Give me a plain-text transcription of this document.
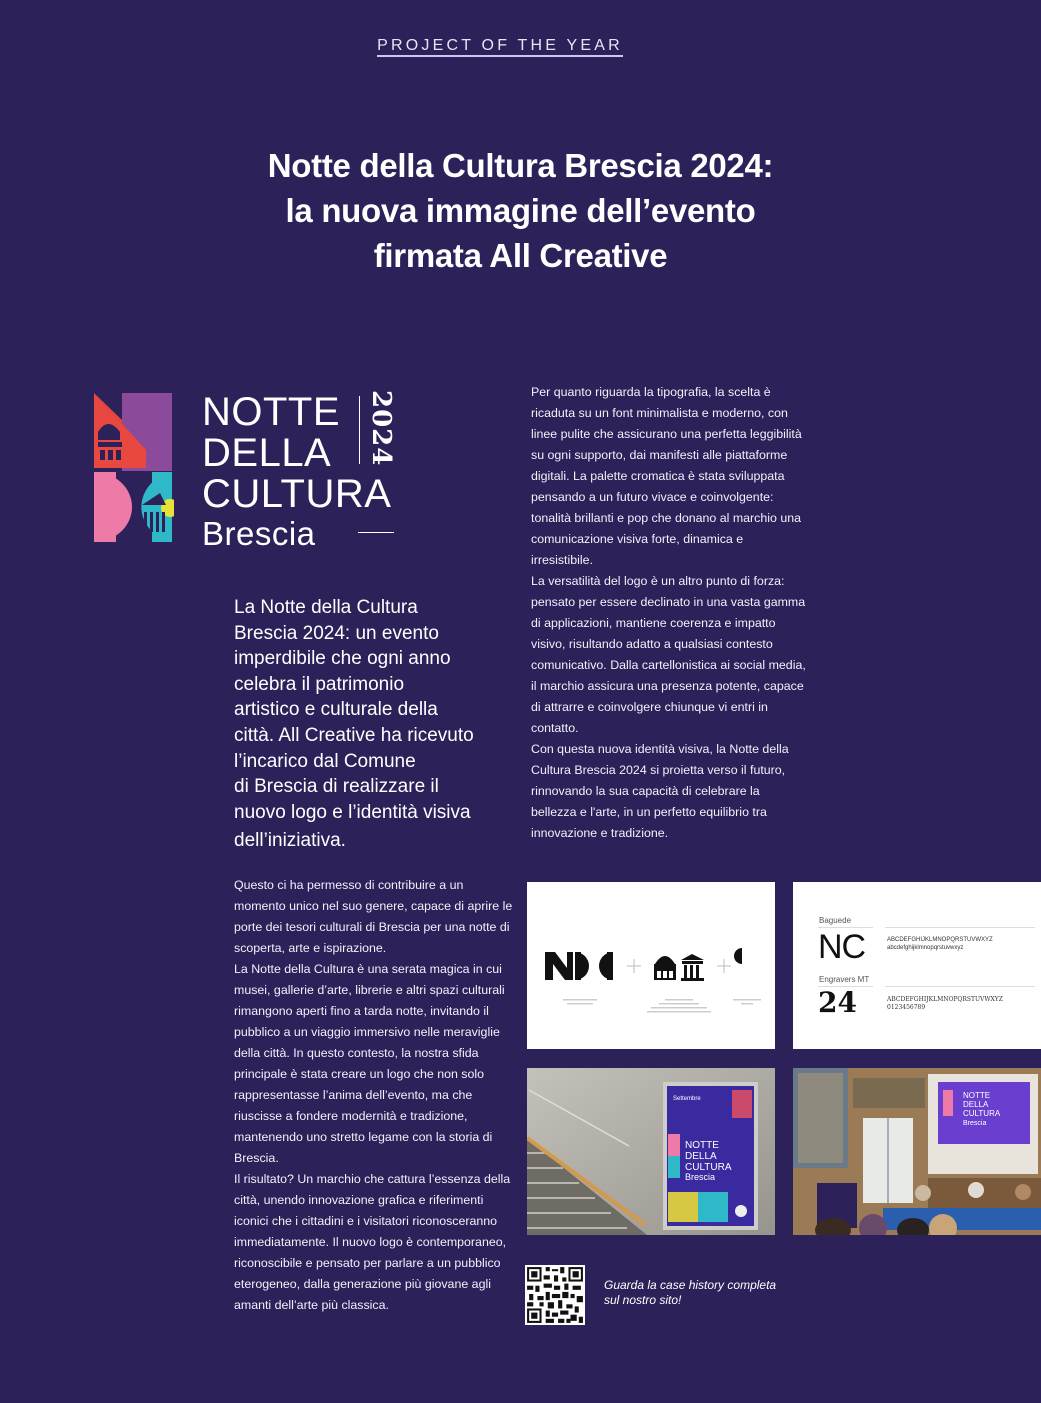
PROJECT OF THE YEAR
Notte della Cultura Brescia 2024:
la nuova immagine dell’evento
firmata All Creative
NOTTE
DELLA
CULTURA
Brescia
2024

La Notte della Cultura
Brescia 2024: un evento
imperdibile che ogni anno
celebra il patrimonio
artistico e culturale della
città. All Creative ha ricevuto
l’incarico dal Comune
di Brescia di realizzare il
nuovo logo e l’identità visiva
dell’iniziativa.

Per quanto riguarda la tipografia, la scelta è ricaduta su un font minimalista e moderno, con linee pulite che assicurano una perfetta leggibilità su ogni supporto, dai manifesti alle piattaforme digitali. La palette cromatica è stata sviluppata pensando a un futuro vivace e coinvolgente: tonalità brillanti e pop che donano al marchio una comunicazione visiva forte, dinamica e irresistibile.

La versatilità del logo è un altro punto di forza: pensato per essere declinato in una vasta gamma di applicazioni, mantiene coerenza e impatto visivo, risultando adatto a qualsiasi contesto comunicativo. Dalla cartellonistica ai social media, il marchio assicura una presenza potente, capace di attrarre e coinvolgere chiunque vi entri in contatto.

Con questa nuova identità visiva, la Notte della Cultura Brescia 2024 si proietta verso il futuro, rinnovando la sua capacità di celebrare la bellezza e l'arte, in un perfetto equilibrio tra innovazione e tradizione.

Questo ci ha permesso di contribuire a un momento unico nel suo genere, capace di aprire le porte dei tesori culturali di Brescia per una notte di scoperta, arte e ispirazione.

La Notte della Cultura è una serata magica in cui musei, gallerie d’arte, librerie e altri spazi culturali rimangono aperti fino a tarda notte, invitando il pubblico a un viaggio immersivo nelle meraviglie della città. In questo contesto, la nostra sfida principale è stata creare un logo che non solo rappresentasse l’anima dell’evento, ma che riuscisse a fondere modernità e tradizione, mantenendo uno stretto legame con la storia di Brescia.

Il risultato? Un marchio che cattura l’essenza della città, unendo innovazione grafica e riferimenti iconici che i cittadini e i visitatori riconosceranno immediatamente. Il nuovo logo è contemporaneo, riconoscibile e pensato per parlare a un pubblico eterogeneo, dalla generazione più giovane agli amanti dell’arte più classica.

Baguede
NC	ABCDEFGHIJKLMNOPQRSTUVWXYZ
abcdefghijklmnopqrstuvwxyz
Engravers MT
24	ABCDEFGHIJKLMNOPQRSTUVWXYZ
0123456789
NOTTE
DELLA
CULTURA
Brescia
Settembre	NOTTE
DELLA
CULTURA
Brescia
Guarda la case history completa
sul nostro sito!
